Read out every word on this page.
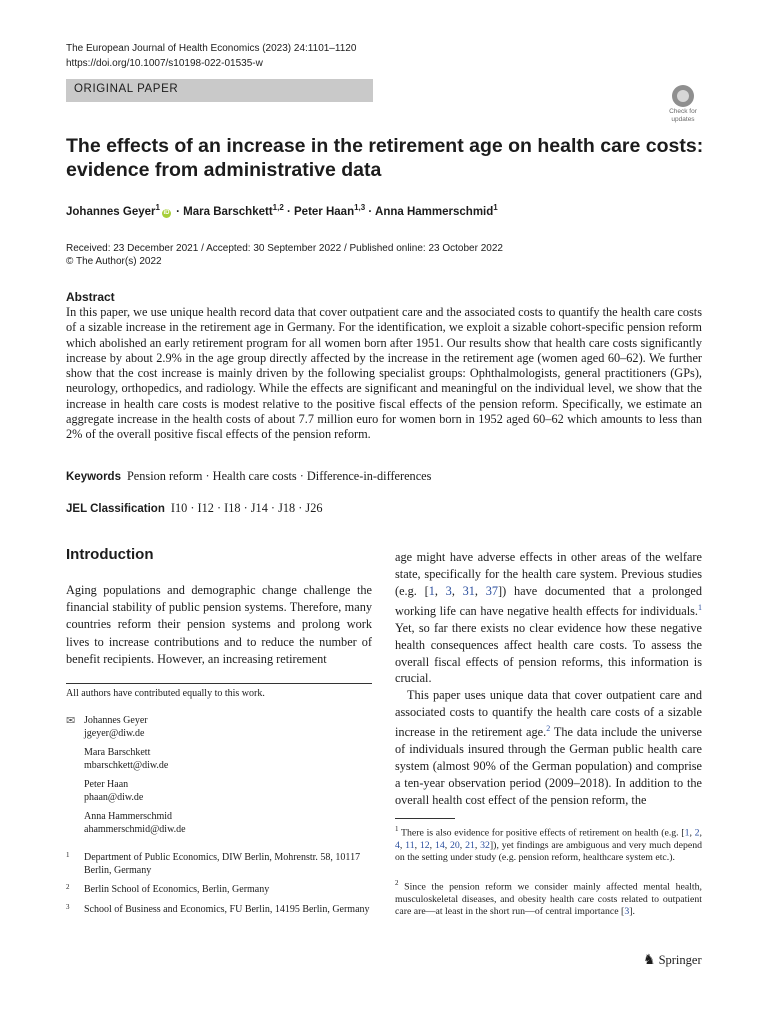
The European Journal of Health Economics (2023) 24:1101–1120
https://doi.org/10.1007/s10198-022-01535-w
ORIGINAL PAPER
Check for
updates
The effects of an increase in the retirement age on health care costs: evidence from administrative data
Johannes Geyer$^1$iD · Mara Barschkett$^{1,2}$ · Peter Haan$^{1,3}$ · Anna Hammerschmid$^1$
Received: 23 December 2021 / Accepted: 30 September 2022 / Published online: 23 October 2022
© The Author(s) 2022
Abstract
In this paper, we use unique health record data that cover outpatient care and the associated costs to quantify the health care costs of a sizable increase in the retirement age in Germany. For the identification, we exploit a sizable cohort-specific pension reform which abolished an early retirement program for all women born after 1951. Our results show that health care costs significantly increase by about 2.9% in the age group directly affected by the increase in the retirement age (women aged 60–62). We further show that the cost increase is mainly driven by the following specialist groups: Ophthalmologists, general practitioners (GPs), neurology, orthopedics, and radiology. While the effects are significant and meaningful on the individual level, we show that the increase in health care costs is modest relative to the positive fiscal effects of the pension reform. Specifically, we estimate an aggregate increase in the health costs of about 7.7 million euro for women born in 1952 aged 60–62 which amounts to less than 2% of the overall positive fiscal effects of the pension reform.
Keywords Pension reform · Health care costs · Difference-in-differences
JEL Classification I10 · I12 · I18 · J14 · J18 · J26
Introduction
Aging populations and demographic change challenge the financial stability of public pension systems. Therefore, many countries reform their pension systems and prolong work lives to increase contributions and to reduce the number of benefit recipients. However, an increasing retirement
All authors have contributed equally to this work.
✉ Johannes Geyer
jgeyer@diw.de
Mara Barschkett
mbarschkett@diw.de
Peter Haan
phaan@diw.de
Anna Hammerschmid
ahammerschmid@diw.de
1	Department of Public Economics, DIW Berlin, Mohrenstr. 58, 10117 Berlin, Germany
2	Berlin School of Economics, Berlin, Germany
3	School of Business and Economics, FU Berlin, 14195 Berlin, Germany

age might have adverse effects in other areas of the welfare state, specifically for the health care system. Previous studies (e.g. [1, 3, 31, 37]) have documented that a prolonged working life can have negative health effects for individuals.$^1$ Yet, so far there exists no clear evidence how these negative health consequences affect health care costs. To assess the overall fiscal effects of pension reforms, this information is crucial.

This paper uses unique data that cover outpatient care and associated costs to quantify the health care costs of a sizable increase in the retirement age.$^2$ The data include the universe of individuals insured through the German public health care system (almost 90% of the German population) and comprise a ten-year observation period (2009–2018). In addition to the overall health cost effect of the pension reform, the

$^1$ There is also evidence for positive effects of retirement on health (e.g. [1, 2, 4, 11, 12, 14, 20, 21, 32]), yet findings are ambiguous and very much depend on the setting under study (e.g. pension reform, healthcare system etc.).
$^2$ Since the pension reform we consider mainly affected mental health, musculoskeletal diseases, and obesity health care costs related to outpatient care are—at least in the short run—of central importance [3].
♞ Springer
